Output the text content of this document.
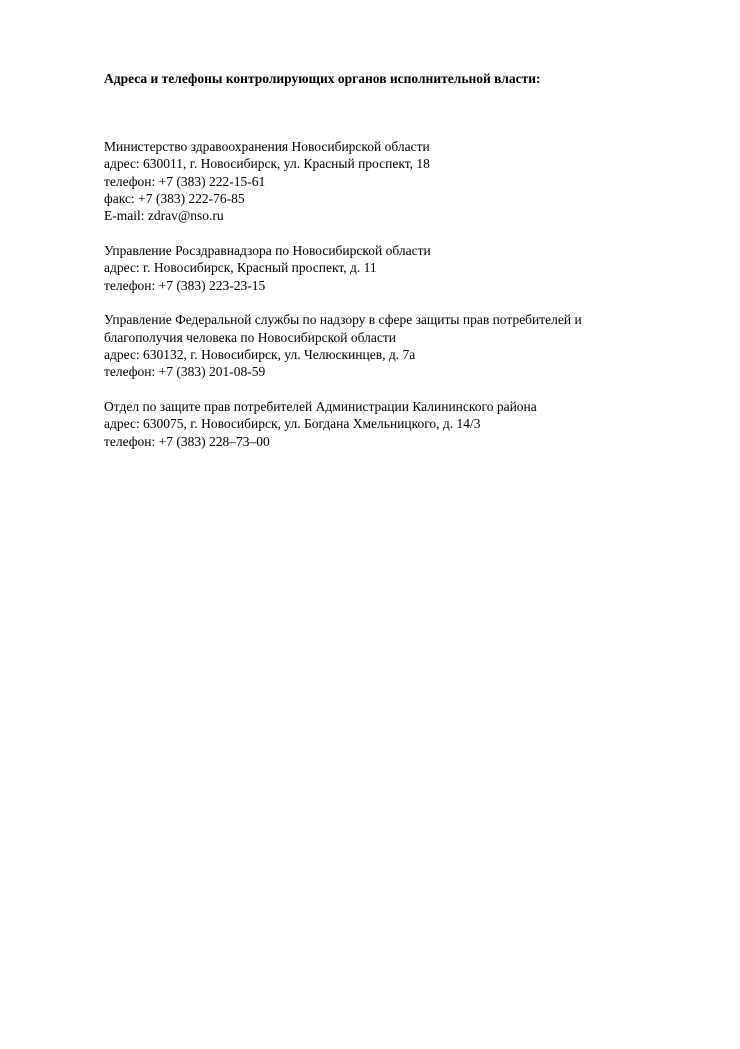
Адреса и телефоны контролирующих органов исполнительной власти:
Министерство здравоохранения Новосибирской области
адрес: 630011, г. Новосибирск, ул. Красный проспект, 18
телефон: +7 (383) 222-15-61
факс: +7 (383) 222-76-85
E-mail: zdrav@nso.ru
Управление Росздравнадзора по Новосибирской области
адрес: г. Новосибирск, Красный проспект, д. 11
телефон: +7 (383) 223-23-15
Управление Федеральной службы по надзору в сфере защиты прав потребителей и
благополучия человека по Новосибирской области
адрес: 630132, г. Новосибирск, ул. Челюскинцев, д. 7а
телефон: +7 (383) 201-08-59
Отдел по защите прав потребителей Администрации Калининского района
адрес: 630075, г. Новосибирск, ул. Богдана Хмельницкого, д. 14/3
телефон: +7 (383) 228–73–00
